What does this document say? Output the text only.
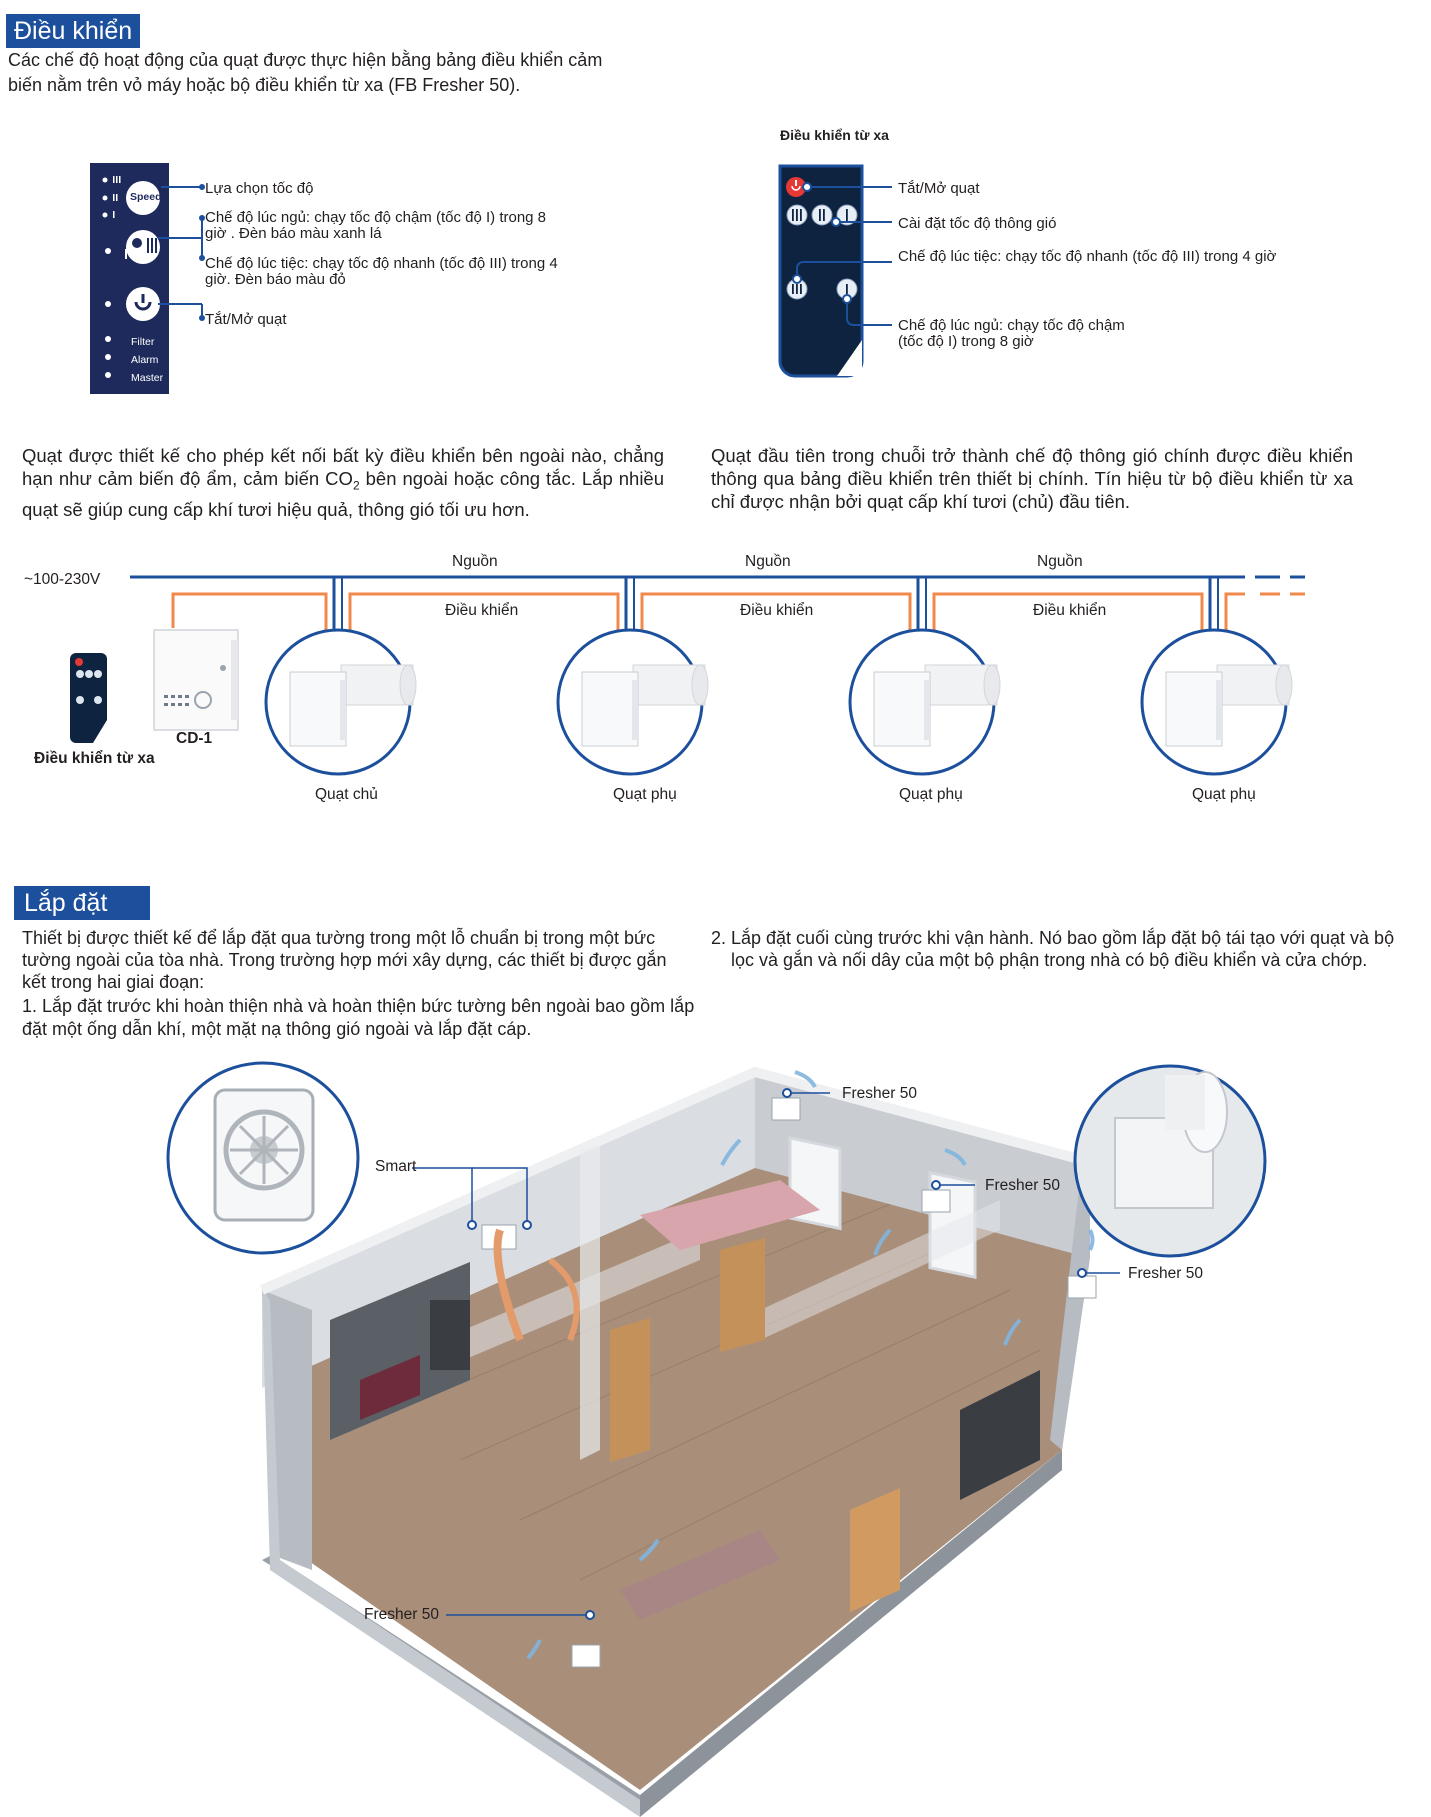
Điều khiển
Các chế độ hoạt động của quạt được thực hiện bằng bảng điều khiển cảm biến nằm trên vỏ máy hoặc bộ điều khiển từ xa (FB Fresher 50).
Speed
Filter
Alarm
Master
Lựa chọn tốc độ
Chế độ lúc ngủ: chạy tốc độ chậm (tốc độ I) trong 8 giờ . Đèn báo màu xanh lá
Chế độ lúc tiệc: chạy tốc độ nhanh (tốc độ III) trong 4 giờ. Đèn báo màu đỏ
Tắt/Mở quạt
Điều khiển từ xa
Tắt/Mở quạt
Cài đặt tốc độ thông gió
Chế độ lúc tiệc: chạy tốc độ nhanh (tốc độ III) trong 4 giờ
Chế độ lúc ngủ: chạy tốc độ chậm (tốc độ I) trong 8 giờ
Quạt được thiết kế cho phép kết nối bất kỳ điều khiển bên ngoài nào, chẳng hạn như cảm biến độ ẩm, cảm biến $CO_2$ bên ngoài hoặc công tắc. Lắp nhiều quạt sẽ giúp cung cấp khí tươi hiệu quả, thông gió tối ưu hơn.
Quạt đầu tiên trong chuỗi trở thành chế độ thông gió chính được điều khiển thông qua bảng điều khiển trên thiết bị chính. Tín hiệu từ bộ điều khiển từ xa chỉ được nhận bởi quạt cấp khí tươi (chủ) đầu tiên.
~100-230V
Nguồn	Nguồn	Nguồn
Điều khiển	Điều khiển	Điều khiển
Điều khiển từ xa
CD-1
Quạt chủ	Quạt phụ	Quạt phụ	Quạt phụ
Lắp đặt
Thiết bị được thiết kế để lắp đặt qua tường trong một lỗ chuẩn bị trong một bức tường ngoài của tòa nhà. Trong trường hợp mới xây dựng, các thiết bị được gắn kết trong hai giai đoạn:
1. Lắp đặt trước khi hoàn thiện nhà và hoàn thiện bức tường bên ngoài bao gồm lắp đặt một ống dẫn khí, một mặt nạ thông gió ngoài và lắp đặt cáp.
2. Lắp đặt cuối cùng trước khi vận hành. Nó bao gồm lắp đặt bộ tái tạo với quạt và bộ lọc và gắn và nối dây của một bộ phận trong nhà có bộ điều khiển và cửa chớp.
Smart
Fresher 50
Fresher 50
Fresher 50
Fresher 50
